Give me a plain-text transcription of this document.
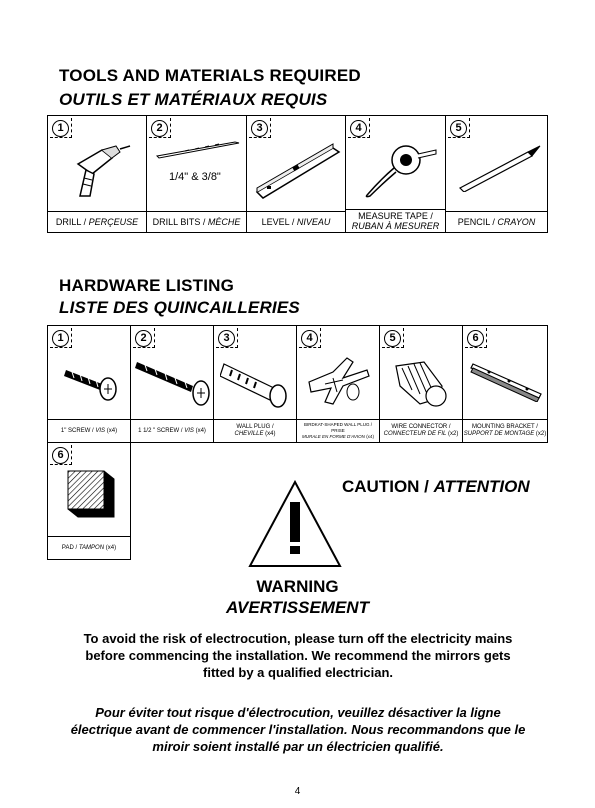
TOOLS AND MATERIALS REQUIRED
OUTILS ET MATÉRIAUX REQUIS
1
DRILL / PERÇEUSE
2
1/4" & 3/8"
DRILL BITS / MÈCHE
3
LEVEL / NIVEAU
4
MEASURE TAPE /
RUBAN À MESURER
5
PENCIL / CRAYON
HARDWARE LISTING
LISTE DES QUINCAILLERIES
1
1" SCREW / VIS (x4)
2
1 1/2 " SCREW / VIS (x4)
3
WALL PLUG /
CHEVILLE (x4)
4
BIRDKAT-SHAPED WALL PLUG / PRISE
MURALE EN FORME D'AVION (x4)
5
WIRE CONNECTOR /
CONNECTEUR DE FIL (x2)
6
MOUNTING BRACKET /
SUPPORT DE MONTAGE (x2)
6
PAD / TAMPON (x4)
CAUTION / ATTENTION
WARNING
AVERTISSEMENT
To avoid the risk of electrocution, please turn off the electricity mains before commencing the installation. We recommend the mirrors gets fitted by a qualified electrician.
Pour éviter tout risque d'électrocution, veuillez désactiver la ligne électrique avant de commencer l'installation. Nous recommandons que le miroir soient installé par un électricien qualifié.
4
